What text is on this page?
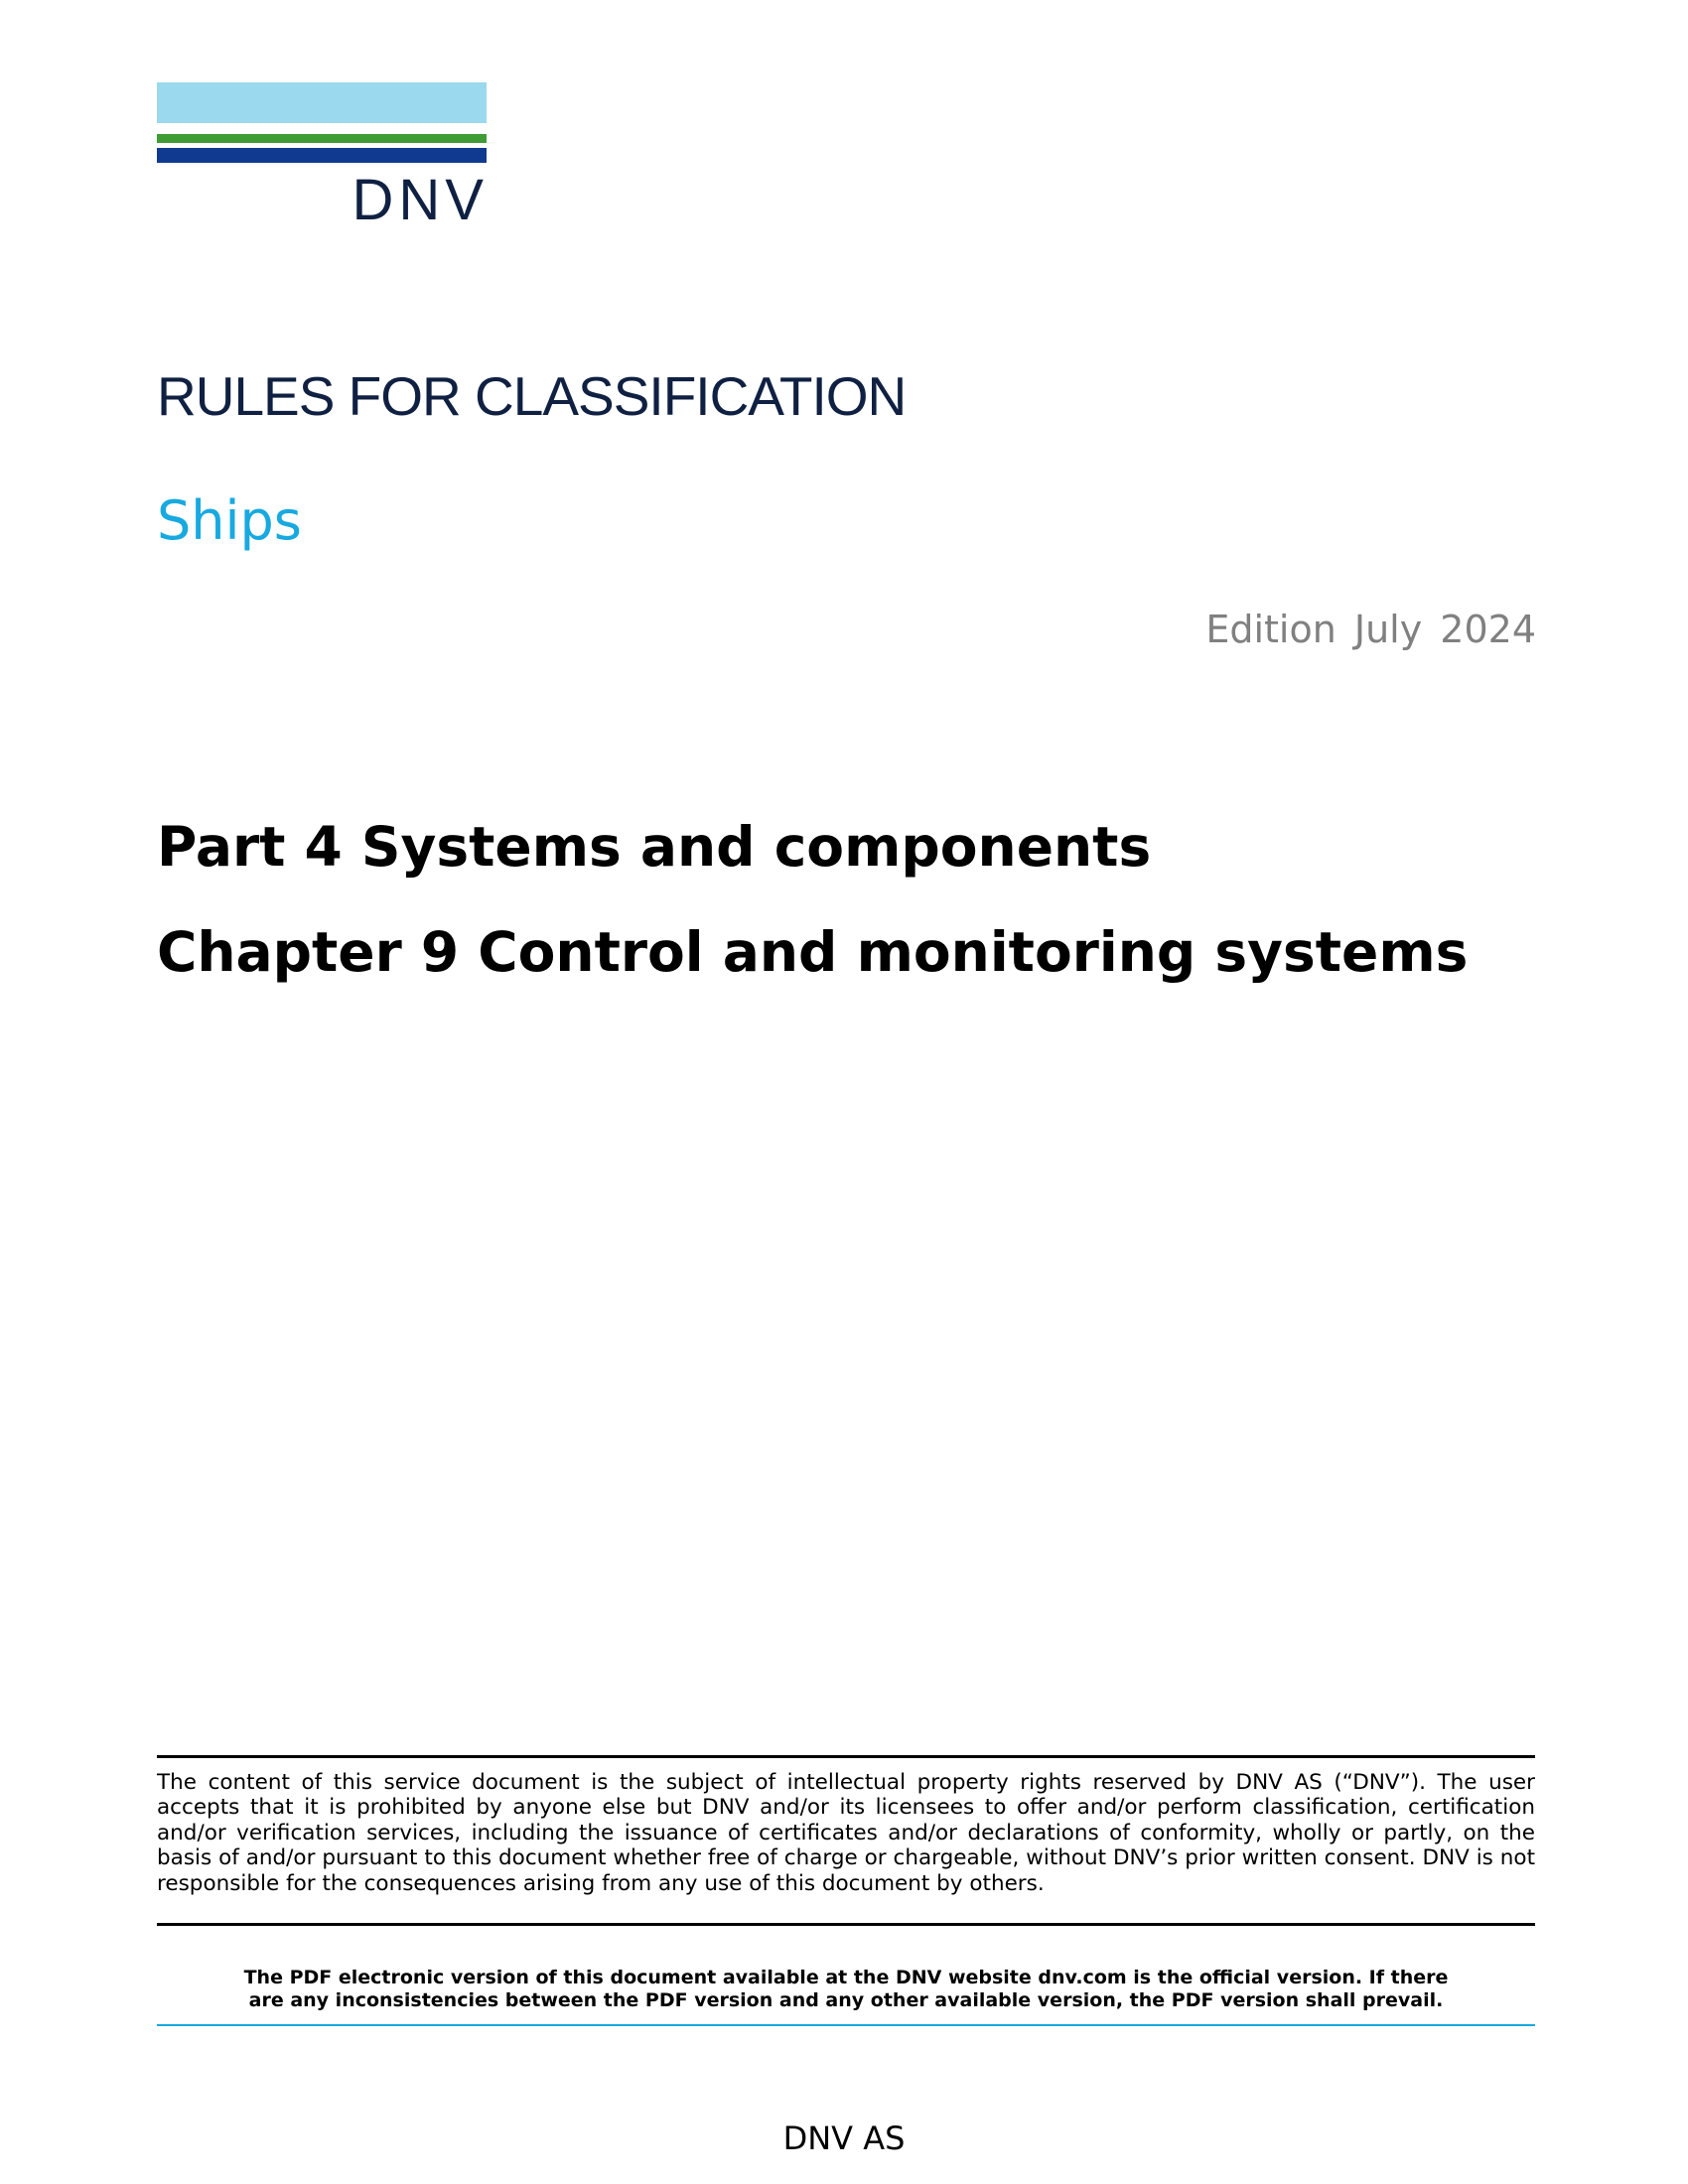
DNV
RULES FOR CLASSIFICATION
Ships
Edition July 2024
Part 4 Systems and components
Chapter 9 Control and monitoring systems

The content of this service document is the subject of intellectual property rights reserved by DNV AS (“DNV”). The user accepts that it is prohibited by anyone else but DNV and/or its licensees to offer and/or perform classification, certification and/or verification services, including the issuance of certificates and/or declarations of conformity, wholly or partly, on the basis of and/or pursuant to this document whether free of charge or chargeable, without DNV’s prior written consent. DNV is not responsible for the consequences arising from any use of this document by others.

The PDF electronic version of this document available at the DNV website dnv.com is the official version. If there
are any inconsistencies between the PDF version and any other available version, the PDF version shall prevail.
DNV AS
